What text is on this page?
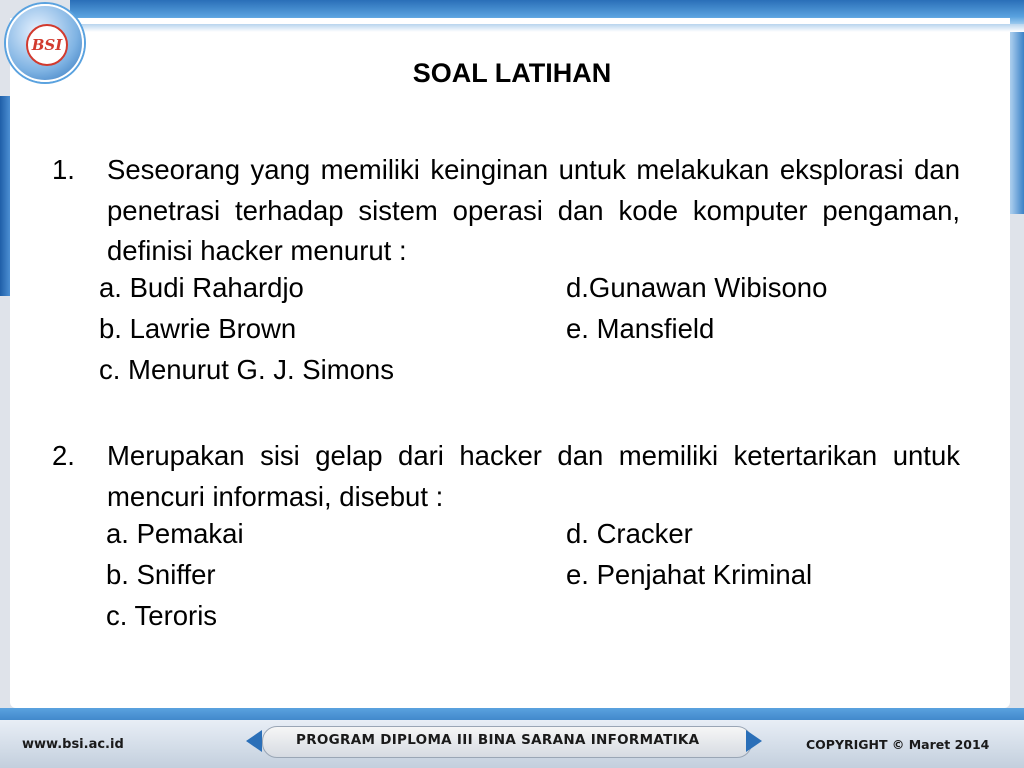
BSI
SOAL LATIHAN
1. Seseorang yang memiliki keinginan untuk melakukan eksplorasi dan penetrasi terhadap sistem operasi dan kode komputer pengaman, definisi hacker menurut :
a. Budi Rahardjo
b. Lawrie Brown
c. Menurut G. J. Simons
d.Gunawan Wibisono
e. Mansfield
2. Merupakan sisi gelap dari hacker dan memiliki ketertarikan untuk mencuri informasi, disebut :
a. Pemakai
b. Sniffer
c. Teroris
d. Cracker
e. Penjahat Kriminal
www.bsi.ac.id	PROGRAM DIPLOMA III BINA SARANA INFORMATIKA	COPYRIGHT © Maret 2014
